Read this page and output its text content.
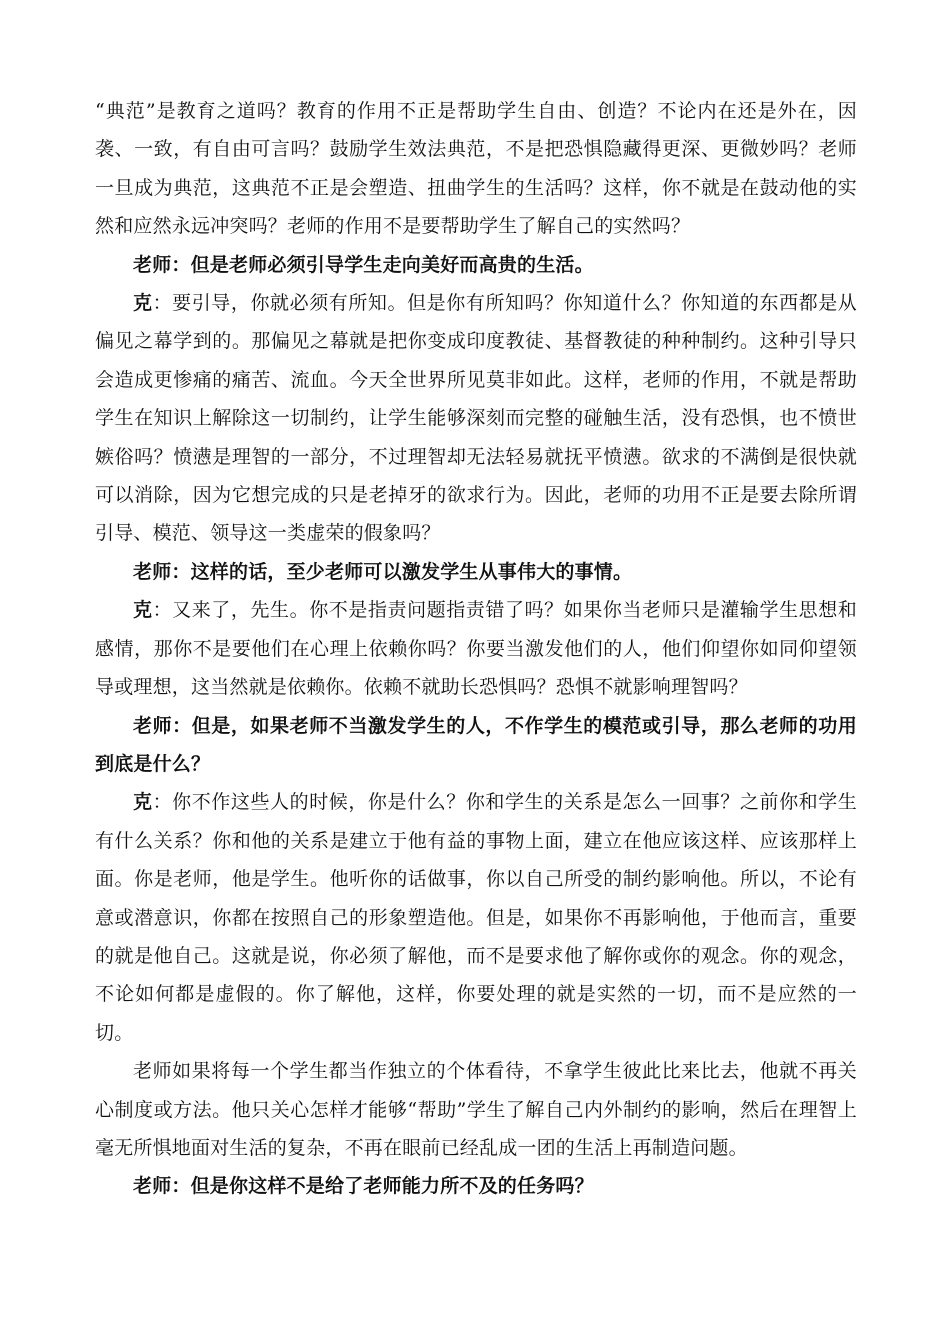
“典范”是教育之道吗？教育的作用不正是帮助学生自由、创造？不论内在还是外在，因袭、一致，有自由可言吗？鼓励学生效法典范，不是把恐惧隐藏得更深、更微妙吗？老师一旦成为典范，这典范不正是会塑造、扭曲学生的生活吗？这样，你不就是在鼓动他的实然和应然永远冲突吗？老师的作用不是要帮助学生了解自己的实然吗？

老师：但是老师必须引导学生走向美好而高贵的生活。

克：要引导，你就必须有所知。但是你有所知吗？你知道什么？你知道的东西都是从偏见之幕学到的。那偏见之幕就是把你变成印度教徒、基督教徒的种种制约。这种引导只会造成更惨痛的痛苦、流血。今天全世界所见莫非如此。这样，老师的作用，不就是帮助学生在知识上解除这一切制约，让学生能够深刻而完整的碰触生活，没有恐惧，也不愤世嫉俗吗？愤懑是理智的一部分，不过理智却无法轻易就抚平愤懑。欲求的不满倒是很快就可以消除，因为它想完成的只是老掉牙的欲求行为。因此，老师的功用不正是要去除所谓引导、模范、领导这一类虚荣的假象吗？

老师：这样的话，至少老师可以激发学生从事伟大的事情。

克：又来了，先生。你不是指责问题指责错了吗？如果你当老师只是灌输学生思想和感情，那你不是要他们在心理上依赖你吗？你要当激发他们的人，他们仰望你如同仰望领导或理想，这当然就是依赖你。依赖不就助长恐惧吗？恐惧不就影响理智吗？

老师：但是，如果老师不当激发学生的人，不作学生的模范或引导，那么老师的功用到底是什么？

克：你不作这些人的时候，你是什么？你和学生的关系是怎么一回事？之前你和学生有什么关系？你和他的关系是建立于他有益的事物上面，建立在他应该这样、应该那样上面。你是老师，他是学生。他听你的话做事，你以自己所受的制约影响他。所以，不论有意或潜意识，你都在按照自己的形象塑造他。但是，如果你不再影响他，于他而言，重要的就是他自己。这就是说，你必须了解他，而不是要求他了解你或你的观念。你的观念，不论如何都是虚假的。你了解他，这样，你要处理的就是实然的一切，而不是应然的一切。

老师如果将每一个学生都当作独立的个体看待，不拿学生彼此比来比去，他就不再关心制度或方法。他只关心怎样才能够“帮助”学生了解自己内外制约的影响，然后在理智上毫无所惧地面对生活的复杂，不再在眼前已经乱成一团的生活上再制造问题。

老师：但是你这样不是给了老师能力所不及的任务吗？
